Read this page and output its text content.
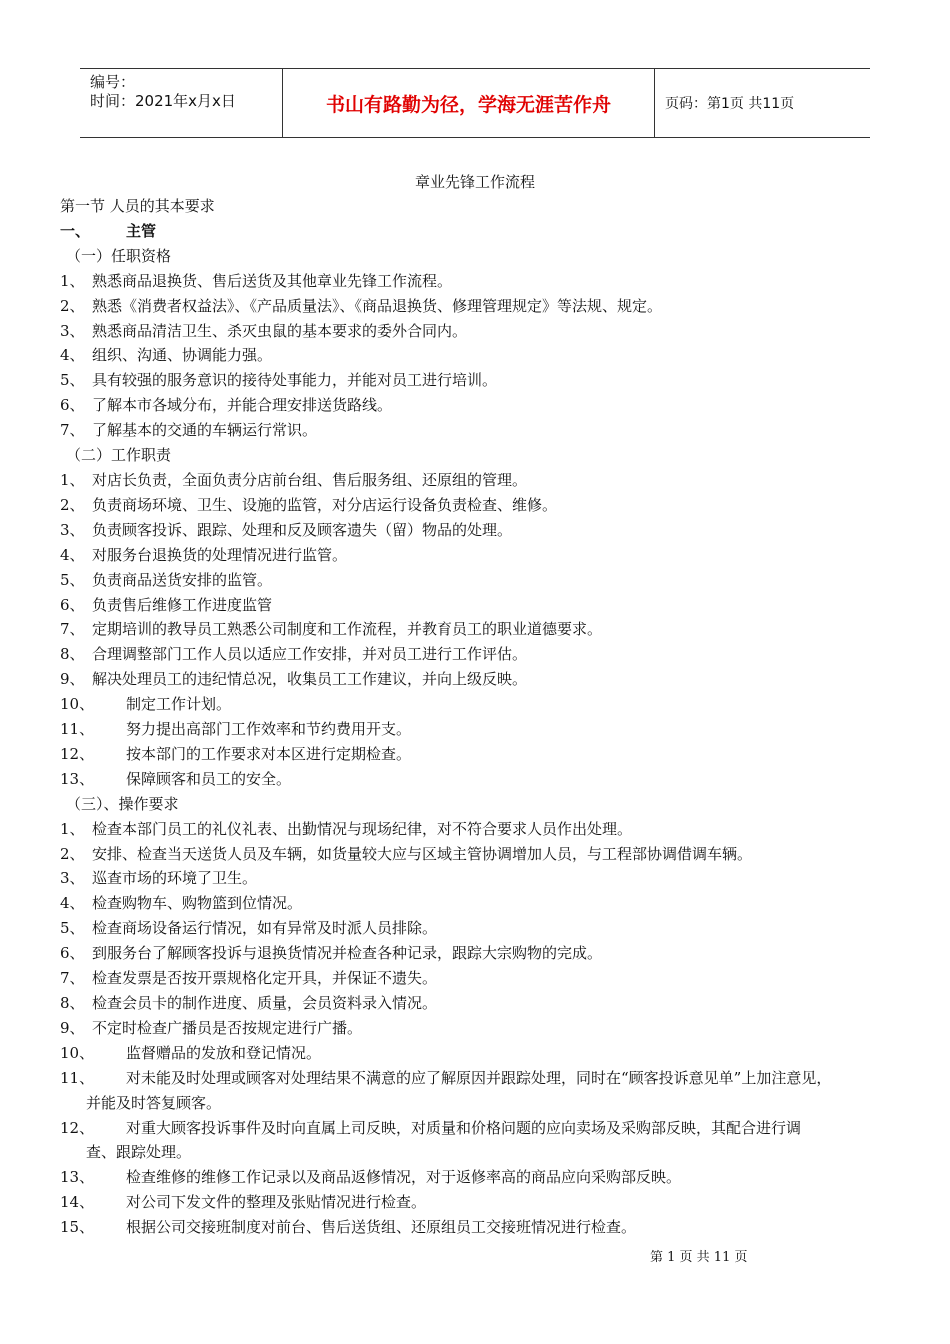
编号：
时间：2021年x月x日	书山有路勤为径，学海无涯苦作舟	页码：第1页 共11页
章业先锋工作流程
第一节 人员的其本要求
一、 主管
（一）任职资格
1、 熟悉商品退换货、售后送货及其他章业先锋工作流程。
2、 熟悉《消费者权益法》、《产品质量法》、《商品退换货、修理管理规定》等法规、规定。
3、 熟悉商品清洁卫生、杀灭虫鼠的基本要求的委外合同内。
4、 组织、沟通、协调能力强。
5、 具有较强的服务意识的接待处事能力，并能对员工进行培训。
6、 了解本市各域分布，并能合理安排送货路线。
7、 了解基本的交通的车辆运行常识。
（二）工作职责
1、 对店长负责，全面负责分店前台组、售后服务组、还原组的管理。
2、 负责商场环境、卫生、设施的监管，对分店运行设备负责检查、维修。
3、 负责顾客投诉、跟踪、处理和反及顾客遗失（留）物品的处理。
4、 对服务台退换货的处理情况进行监管。
5、 负责商品送货安排的监管。
6、 负责售后维修工作进度监管
7、 定期培训的教导员工熟悉公司制度和工作流程，并教育员工的职业道德要求。
8、 合理调整部门工作人员以适应工作安排，并对员工进行工作评估。
9、 解决处理员工的违纪情总况，收集员工工作建议，并向上级反映。
10、 制定工作计划。
11、 努力提出高部门工作效率和节约费用开支。
12、 按本部门的工作要求对本区进行定期检查。
13、 保障顾客和员工的安全。
（三）、操作要求
1、 检查本部门员工的礼仪礼表、出勤情况与现场纪律，对不符合要求人员作出处理。
2、 安排、检查当天送货人员及车辆，如货量较大应与区域主管协调增加人员，与工程部协调借调车辆。
3、 巡查市场的环境了卫生。
4、 检查购物车、购物篮到位情况。
5、 检查商场设备运行情况，如有异常及时派人员排除。
6、 到服务台了解顾客投诉与退换货情况并检查各种记录，跟踪大宗购物的完成。
7、 检查发票是否按开票规格化定开具，并保证不遗失。
8、 检查会员卡的制作进度、质量，会员资料录入情况。
9、 不定时检查广播员是否按规定进行广播。
10、 监督赠品的发放和登记情况。
11、 对未能及时处理或顾客对处理结果不满意的应了解原因并跟踪处理，同时在“顾客投诉意见单”上加注意见，
并能及时答复顾客。
12、 对重大顾客投诉事件及时向直属上司反映，对质量和价格问题的应向卖场及采购部反映，其配合进行调
查、跟踪处理。
13、 检查维修的维修工作记录以及商品返修情况，对于返修率高的商品应向采购部反映。
14、 对公司下发文件的整理及张贴情况进行检查。
15、 根据公司交接班制度对前台、售后送货组、还原组员工交接班情况进行检查。
第 1 页 共 11 页
